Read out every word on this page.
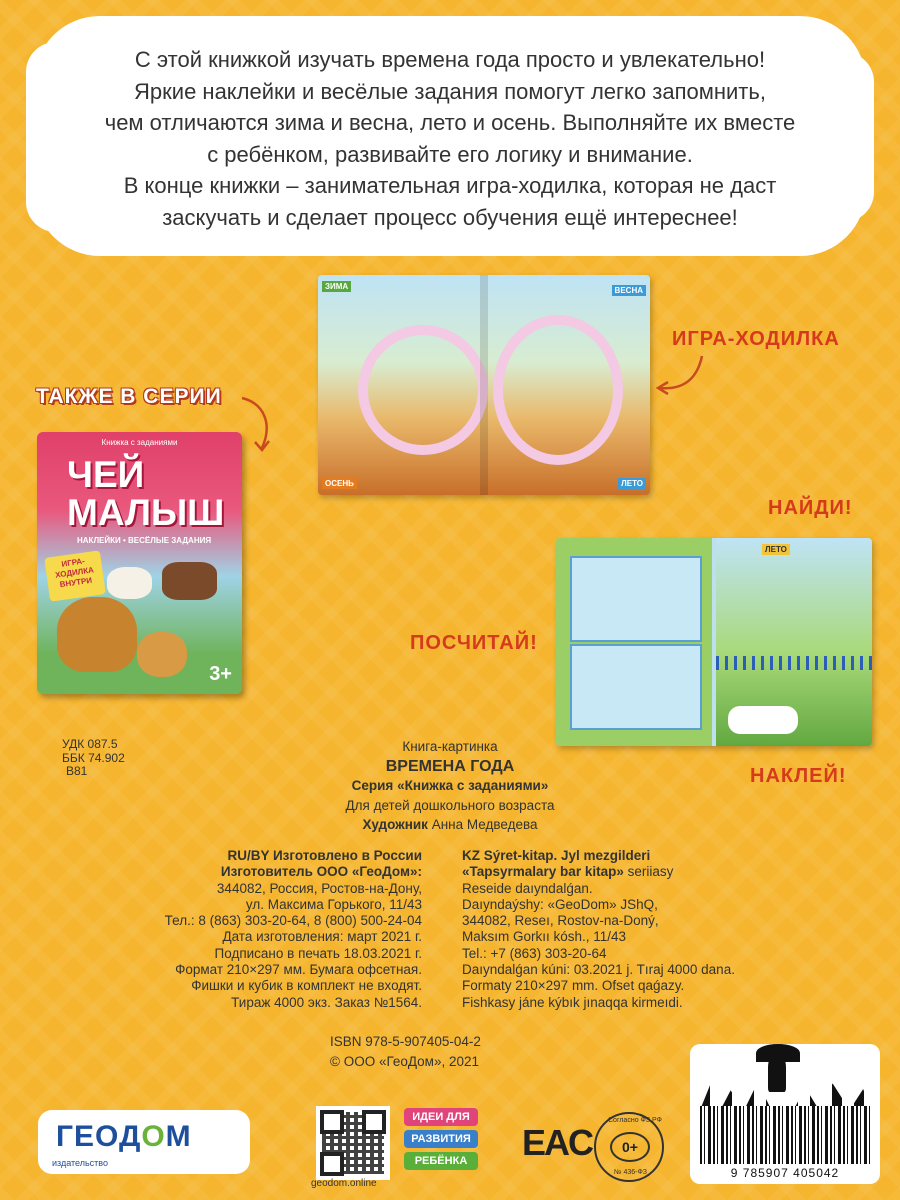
С этой книжкой изучать времена года просто и увлекательно!
Яркие наклейки и весёлые задания помогут легко запомнить,
чем отличаются зима и весна, лето и осень. Выполняйте их вместе
с ребёнком, развивайте его логику и внимание.
В конце книжки – занимательная игра-ходилка, которая не даст
заскучать и сделает процесс обучения ещё интереснее!
ЗИМА	ВЕСНА
ЛЕТО
ОСЕНЬ
ИГРА-ХОДИЛКА
ТАКЖЕ В СЕРИИ
Книжка с заданиями
ЧЕЙ
МАЛЫШ
НАКЛЕЙКИ • ВЕСЁЛЫЕ ЗАДАНИЯ
ИГРА-ХОДИЛКА ВНУТРИ
3+
НАЙДИ!
ПОСЧИТАЙ!
НАКЛЕЙ!
ЛЕТО
УДК 087.5
ББК 74.902
В81
Книга-картинка
ВРЕМЕНА ГОДА
Серия «Книжка с заданиями»
Для детей дошкольного возраста
Художник Анна Медведева
RU/BY Изготовлено в России
Изготовитель ООО «ГеоДом»:
344082, Россия, Ростов-на-Дону,
ул. Максима Горького, 11/43
Тел.: 8 (863) 303-20-64, 8 (800) 500-24-04
Дата изготовления: март 2021 г.
Подписано в печать 18.03.2021 г.
Формат 210×297 мм. Бумага офсетная.
Фишки и кубик в комплект не входят.
Тираж 4000 экз. Заказ №1564.
KZ Sýret-kitap. Jyl mezgilderi
«Tapsyrmalary bar kitap» seriiasy
Reseide daıyndalǵan.
Daıyndaýshy: «GeoDom» JShQ,
344082, Reseı, Rostov-na-Doný,
Maksım Gorkıı kósh., 11/43
Tel.: +7 (863) 303-20-64
Daıyndalǵan kúni: 03.2021 j. Tıraj 4000 dana.
Formaty 210×297 mm. Ofset qaǵazy.
Fishkasy jáne kýbık jınaqqa kirmeıdi.
ISBN 978-5-907405-04-2
© ООО «ГеоДом», 2021
ГЕОДОМ
издательство
geodom.online
ИДЕИ ДЛЯ
РАЗВИТИЯ
РЕБЁНКА EAC
Согласно ФЗ РФ
0+
№ 436-ФЗ	9 785907 405042
